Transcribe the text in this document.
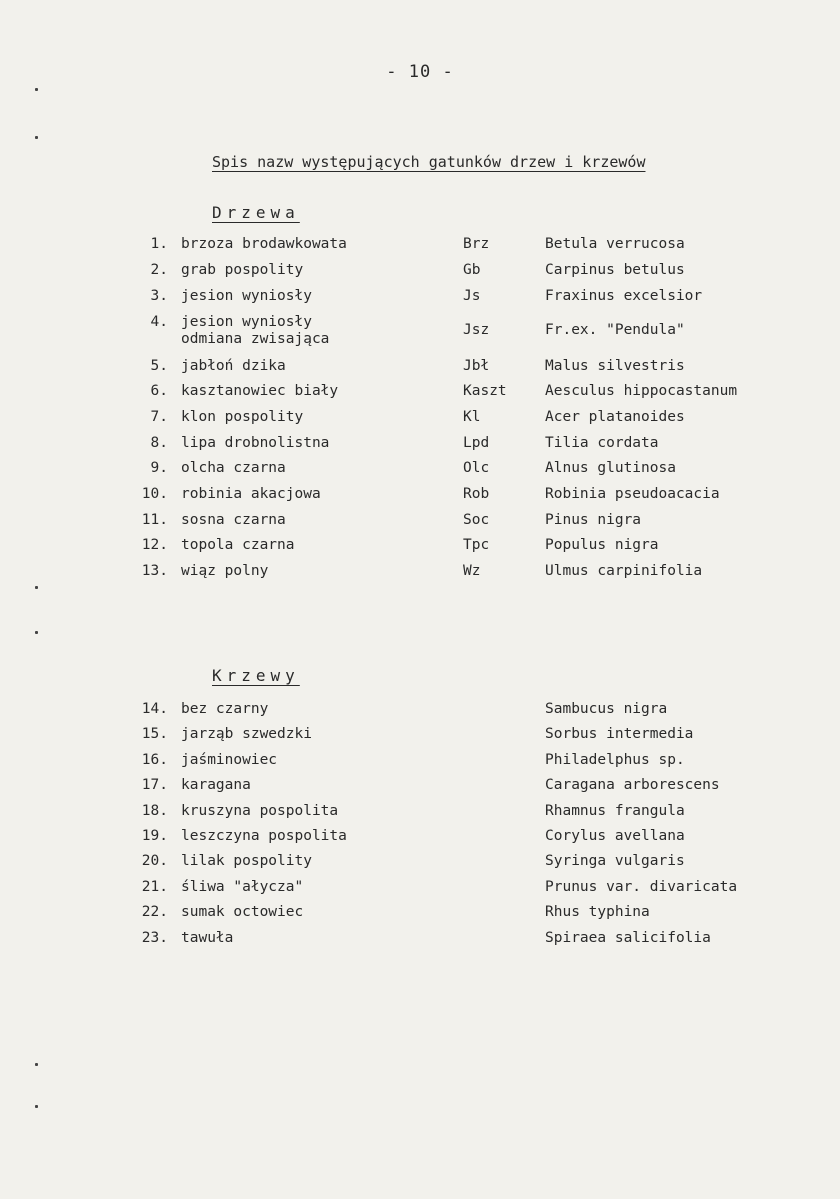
- 10 -
Spis nazw występujących gatunków drzew i krzewów
Drzewa
1. brzoza brodawkowata	Brz	Betula verrucosa
2. grab pospolity	Gb	Carpinus betulus
3. jesion wyniosły	Js	Fraxinus excelsior
4. jesion wyniosły
odmiana zwisająca
Jsz	Fr.ex. "Pendula"
5. jabłoń dzika	Jbł	Malus silvestris
6. kasztanowiec biały	Kaszt	Aesculus hippocastanum
7. klon pospolity	Kl	Acer platanoides
8. lipa drobnolistna	Lpd	Tilia cordata
9. olcha czarna	Olc	Alnus glutinosa
10. robinia akacjowa	Rob	Robinia pseudoacacia
11. sosna czarna	Soc	Pinus nigra
12. topola czarna	Tpc	Populus nigra
13. wiąz polny	Wz	Ulmus carpinifolia
Krzewy
14. bez czarny	Sambucus nigra
15. jarząb szwedzki	Sorbus intermedia
16. jaśminowiec	Philadelphus sp.
17. karagana	Caragana arborescens
18. kruszyna pospolita	Rhamnus frangula
19. leszczyna pospolita	Corylus avellana
20. lilak pospolity	Syringa vulgaris
21. śliwa "ałycza"	Prunus var. divaricata
22. sumak octowiec	Rhus typhina
23. tawuła	Spiraea salicifolia
